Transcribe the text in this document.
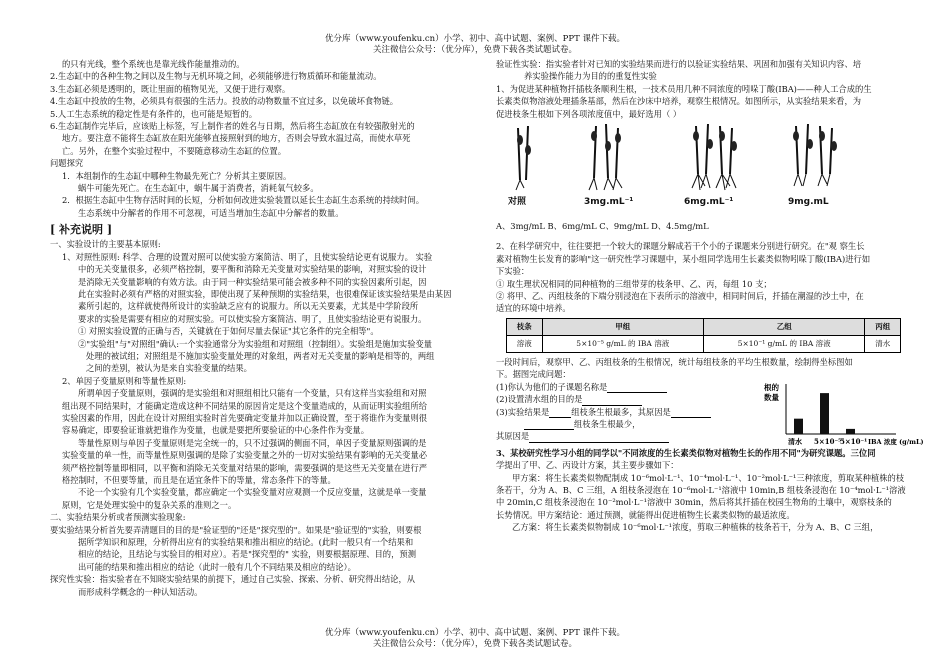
优分库（www.youfenku.cn）小学、初中、高中试题、案例、PPT 课件下载。
关注微信公众号：（优分库），免费下载各类试题试卷。

的只有光线，整个系统也是靠光线作能量推动的。

2.生态缸中的各种生物之间以及生物与无机环境之间，必须能够进行物质循环和能量流动。

3.生态缸必须是透明的，既让里面的植物见光，又便于进行观察。

4.生态缸中投放的生物，必须具有很强的生活力。投放的动物数量不宜过多，以免破坏食物链。

5.人工生态系统的稳定性是有条件的，也可能是短暂的。

6.生态缸制作完毕后，应该贴上标签，写上制作者的姓名与日期，然后将生态缸放在有较强散射光的

地方。要注意不能将生态缸放在阳光能够直接照射到的地方，否则会导致水温过高，而使水草死

亡。另外，在整个实验过程中，不要随意移动生态缸的位置。

问题探究

1．本组制作的生态缸中哪种生物最先死亡？分析其主要原因。

蜗牛可能先死亡。在生态缸中，蜗牛属于消费者，消耗氧气较多。

2．根据生态缸中生物存活时间的长短，分析如何改进实验装置以延长生态缸生态系统的持续时间。

生态系统中分解者的作用不可忽视，可适当增加生态缸中分解者的数量。

[ 补充说明 ]

一、实验设计的主要基本原则:

1、对照性原则: 科学、合理的设置对照可以使实验方案简洁、明了，且使实验结论更有说服力。 实验

中的无关变量很多，必须严格控制，要平衡和消除无关变量对实验结果的影响，对照实验的设计

是消除无关变量影响的有效方法。由于同一种实验结果可能会被多种不同的实验因素所引起，因

此在实验时必须有严格的对照实验，即使出现了某种预期的实验结果，也很难保证该实验结果是由某因

素所引起的，这样就使得所设计的实验缺乏应有的说服力。所以无关要素，尤其是中学阶段所

要求的实验是需要有相应的对照实验。可以使实验方案简洁、明了，且使实验结论更有说服力。

① 对照实验设置的正确与否，关键就在于如何尽量去保证"其它条件的完全相等"。

②"实验组"与"对照组"确认:一个实验通常分为实验组和对照组（控制组）。实验组是施加实验变量

处理的被试组；对照组是不施加实验变量处理的对象组，两者对无关变量的影响是相等的，两组

之间的差别，被认为是来自实验变量的结果。

2、单因子变量原则和等量性原则:

所谓单因子变量原则，强调的是实验组和对照组相比只能有一个变量，只有这样当实验组和对照

组出现不同结果时，才能确定造成这种不同结果的原因肯定是这个变量造成的，从而证明实验组所给

实验因素的作用，因此在设计对照组实验时首先要确定变量并加以正确设置，至于将谁作为变量则很

容易确定，即要验证谁就把谁作为变量，也就是要把所要验证的中心条件作为变量。

等量性原则与单因子变量原则是完全统一的，只不过强调的侧面不同，单因子变量原则强调的是

实验变量的单一性，而等量性原则强调的是除了实验变量之外的一切对实验结果有影响的无关变量必

须严格控制等量即相同，以平衡和消除无关变量对结果的影响，需要强调的是这些无关变量在进行严

格控制时，不但要等量，而且是在适宜条件下的等量，常态条件下的等量。

不论一个实验有几个实验变量，都应确定一个实验变量对应观测一个反应变量，这就是单一变量

原则，它是处理实验中的复杂关系的准则之一。

二、实验结果分析或者预测实验现象:

要实验结果分析首先要弄清题目的目的是"验证型的"还是"探究型的"。如果是"验证型的"实验，则要根

据所学知识和原理，分析得出应有的实验结果和推出相应的结论。(此时一般只有一个结果和

相应的结论，且结论与实验目的相对应）。若是"探究型的" 实验，则要根据原理、目的，预测

出可能的结果和推出相应的结论（此时一般有几个不同结果及相应的结论）。

探究性实验：指实验者在不知晓实验结果的前提下，通过自己实验、探索、分析、研究得出结论，从

而形成科学概念的一种认知活动。

验证性实验：指实验者针对已知的实验结果而进行的以验证实验结果、巩固和加强有关知识内容、培

养实验操作能力为目的的重复性实验

1、为促进某种植物扦插枝条顺利生根，一技术员用几种不同浓度的吲哚丁酸(IBA)——种人工合成的生

长素类似物溶液处理插条基部，然后在沙床中培养，观察生根情况。如图所示，从实验结果来看，为

促进枝条生根如下列各项浓度值中，最好选用（ ）

对照	3mg.mL⁻¹	6mg.mL⁻¹	9mg.mL

A、3mg/mL B、6mg/mL C、9mg/mL D、4.5mg/mL

2、在科学研究中，往往要把一个较大的课题分解成若干个小的子课题来分别进行研究。在"观 察生长

素对植物生长发育的影响"这一研究性学习课题中，某小组同学选用生长素类似物吲哚丁酸(IBA)进行如

下实验：

① 取生理状况相同的同种植物的三组带芽的枝条甲、乙、丙，每组 10 支；

② 将甲、乙、丙组枝条的下端分别浸泡在下表所示的溶液中，相同时间后，扦插在潮湿的沙土中，在

适宜的环境中培养。

枝条	甲组	乙组	丙组
溶液	5×10⁻⁵ g/mL 的 IBA 溶液	5×10⁻¹ g/mL 的 IBA 溶液	清水

一段时间后，观察甲、乙、丙组枝条的生根情况，统计每组枝条的平均生根数量，绘制得坐标图如

下。据图完成问题：

(1)你认为他们的子课题名称是

(2)设置清水组的目的是

(3)实验结果是	组枝条生根最多，其原因是

组枝条生根最少，

其原因是

根的
数量
清水 5×10⁻⁵
5×10⁻¹ IBA 浓度 (g/mL)

3、某校研究性学习小组的同学以"不同浓度的生长素类似物对植物生长的作用不同"为研究课题。三位同

学提出了甲、乙、丙设计方案，其主要步骤如下：

甲方案：将生长素类似物配制成 10⁻⁶mol·L⁻¹、10⁻⁴mol·L⁻¹、10⁻²mol·L⁻¹三种浓度，剪取某种植株的枝

条若干，分为 A、B、C 三组，A 组枝条浸泡在 10⁻⁶mol·L⁻¹溶液中 10min,B 组枝条浸泡在 10⁻⁴mol·L⁻¹溶液

中 20min,C 组枝条浸泡在 10⁻²mol·L⁻¹溶液中 30min，然后将其扦插在校园生物角的土壤中，观察枝条的

长势情况。甲方案结论：通过预测，就能得出促进植物生长素类似物的最适浓度。

乙方案：将生长素类似物制成 10⁻⁶mol·L⁻¹浓度，剪取三种植株的枝条若干，分为 A、B、C 三组，

优分库（www.youfenku.cn）小学、初中、高中试题、案例、PPT 课件下载。
关注微信公众号：（优分库），免费下载各类试题试卷。
